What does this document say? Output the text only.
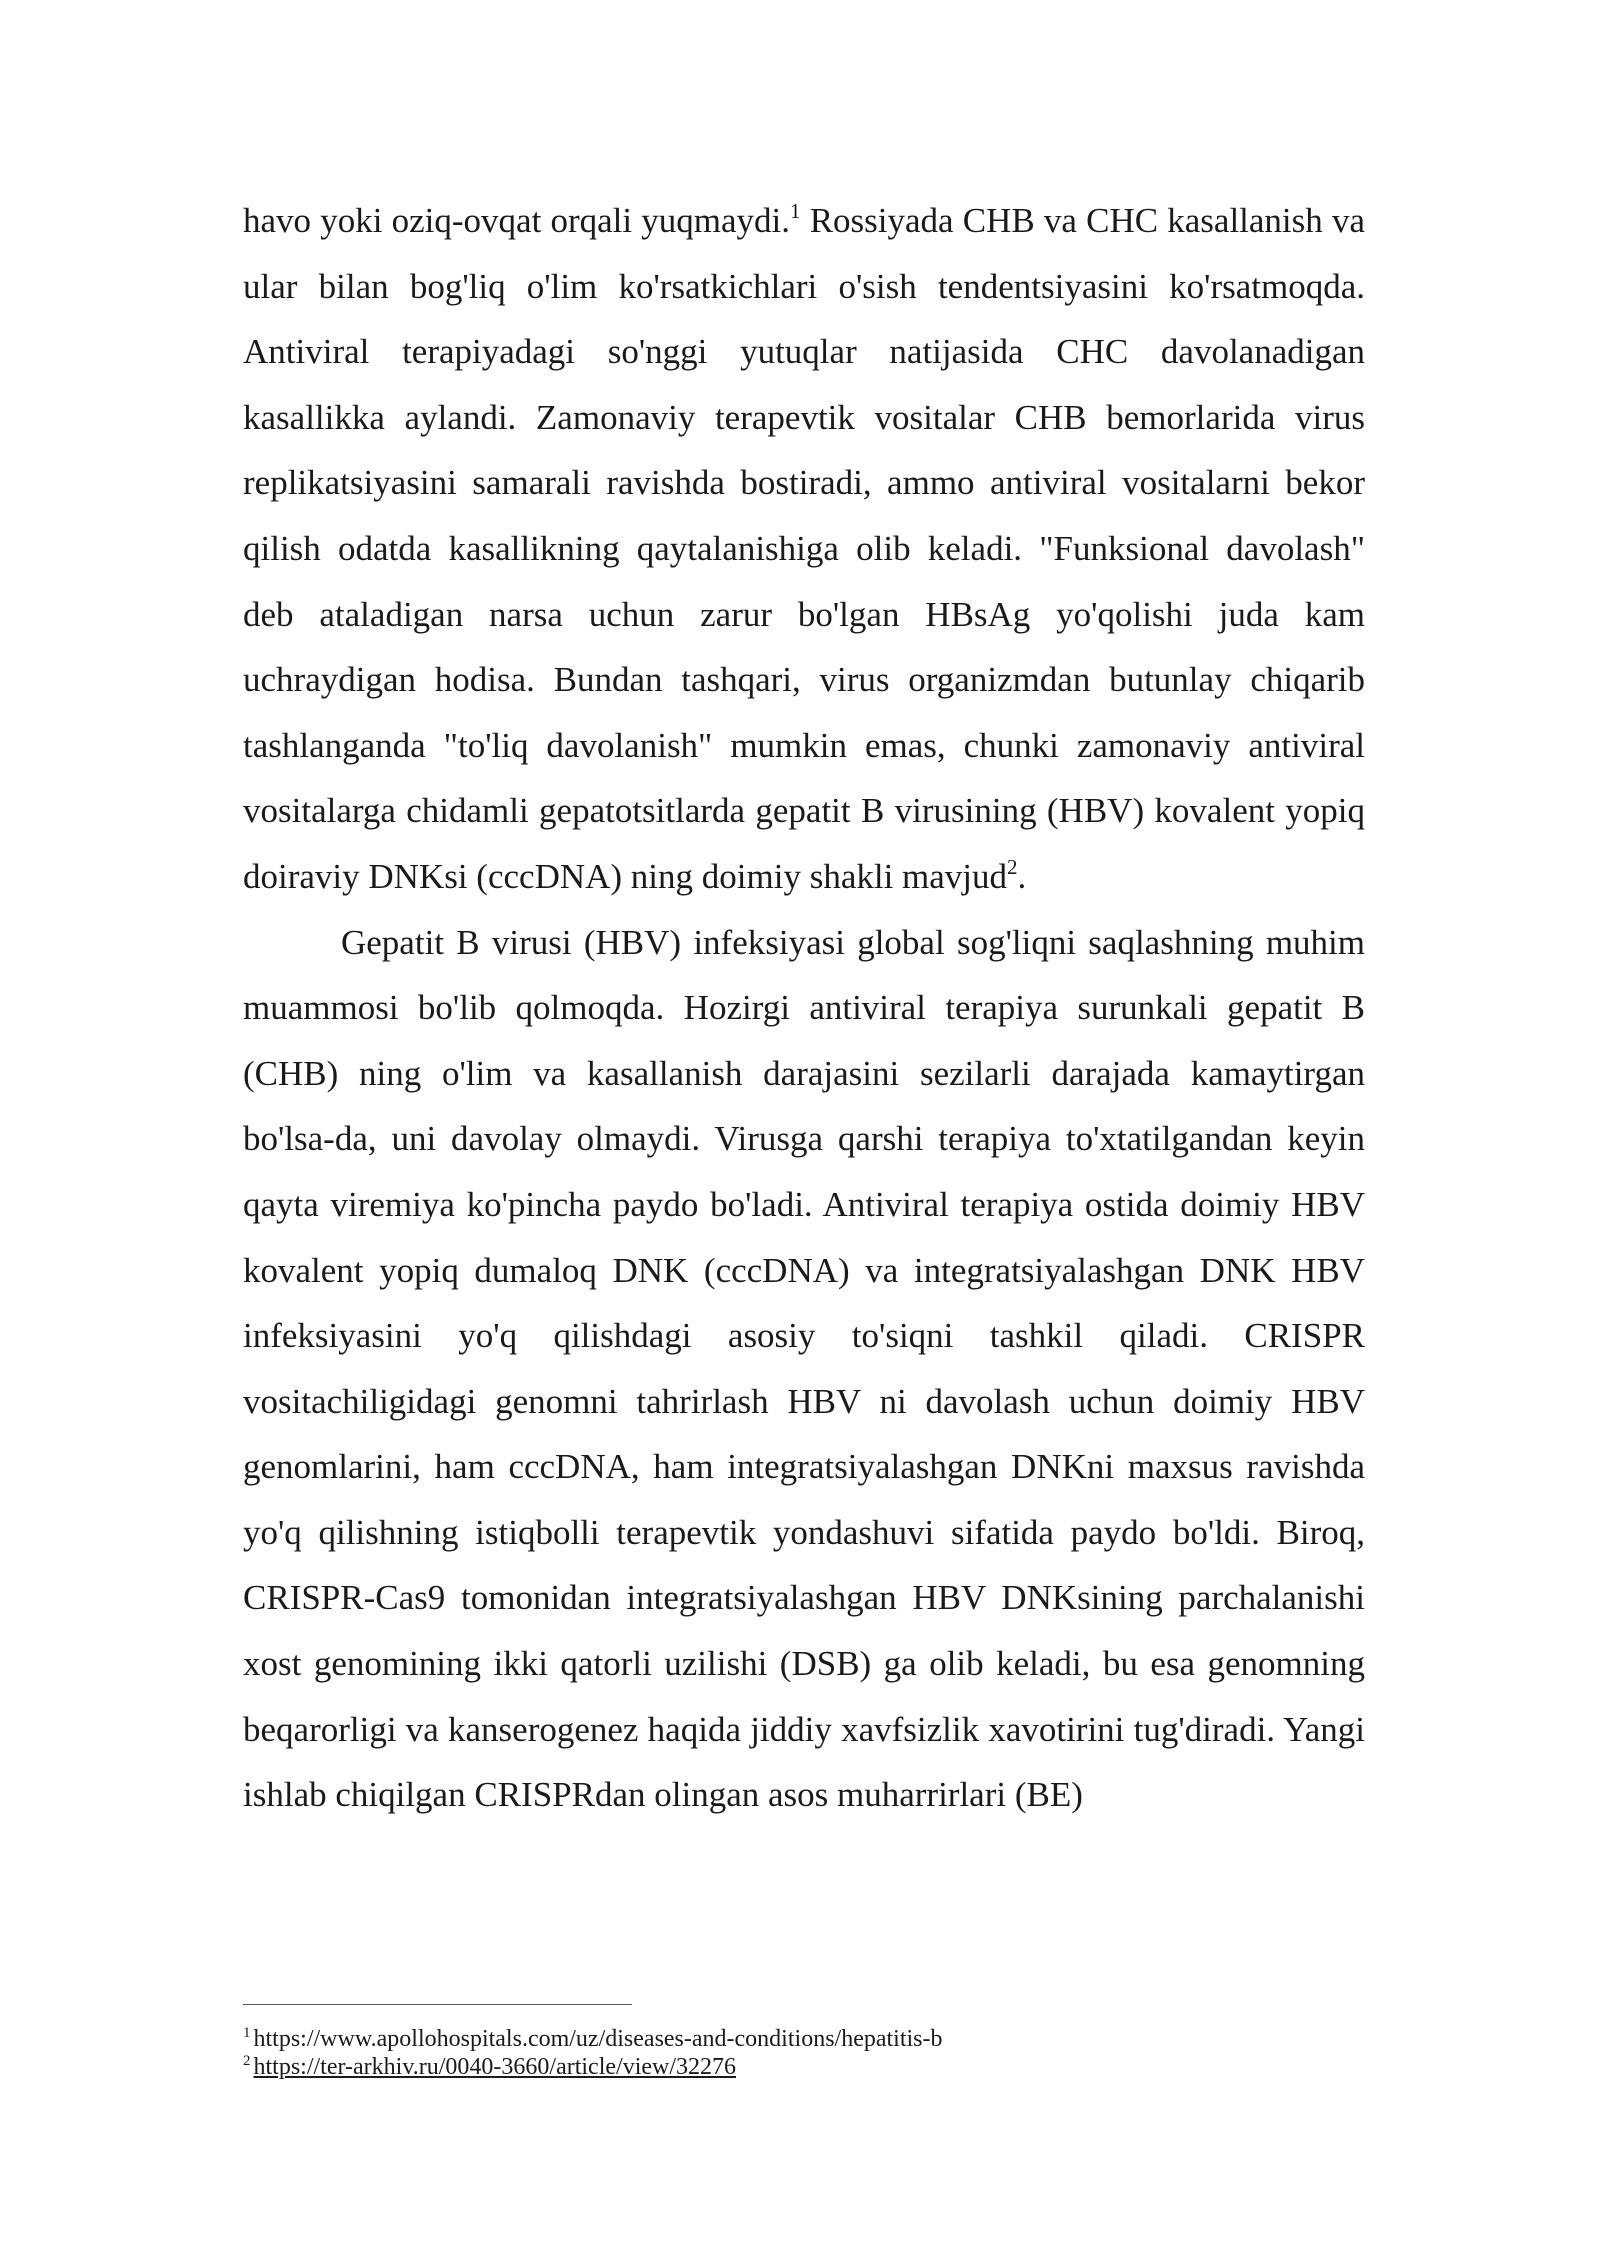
havo yoki oziq-ovqat orqali yuqmaydi.$^1$ Rossiyada CHB va CHC kasallanish va ular bilan bog'liq o'lim ko'rsatkichlari o'sish tendentsiyasini ko'rsatmoqda. Antiviral terapiyadagi so'nggi yutuqlar natijasida CHC davolanadigan kasallikka aylandi. Zamonaviy terapevtik vositalar CHB bemorlarida virus replikatsiyasini samarali ravishda bostiradi, ammo antiviral vositalarni bekor qilish odatda kasallikning qaytalanishiga olib keladi. "Funksional davolash" deb ataladigan narsa uchun zarur bo'lgan HBsAg yo'qolishi juda kam uchraydigan hodisa. Bundan tashqari, virus organizmdan butunlay chiqarib tashlanganda "to'liq davolanish" mumkin emas, chunki zamonaviy antiviral vositalarga chidamli gepatotsitlarda gepatit B virusining (HBV) kovalent yopiq doiraviy DNKsi (cccDNA) ning doimiy shakli mavjud$^2$.

Gepatit B virusi (HBV) infeksiyasi global sog'liqni saqlashning muhim muammosi bo'lib qolmoqda. Hozirgi antiviral terapiya surunkali gepatit B (CHB) ning o'lim va kasallanish darajasini sezilarli darajada kamaytirgan bo'lsa-da, uni davolay olmaydi. Virusga qarshi terapiya to'xtatilgandan keyin qayta viremiya ko'pincha paydo bo'ladi. Antiviral terapiya ostida doimiy HBV kovalent yopiq dumaloq DNK (cccDNA) va integratsiyalashgan DNK HBV infeksiyasini yo'q qilishdagi asosiy to'siqni tashkil qiladi. CRISPR vositachiligidagi genomni tahrirlash HBV ni davolash uchun doimiy HBV genomlarini, ham cccDNA, ham integratsiyalashgan DNKni maxsus ravishda yo'q qilishning istiqbolli terapevtik yondashuvi sifatida paydo bo'ldi. Biroq, CRISPR-Cas9 tomonidan integratsiyalashgan HBV DNKsining parchalanishi xost genomining ikki qatorli uzilishi (DSB) ga olib keladi, bu esa genomning beqarorligi va kanserogenez haqida jiddiy xavfsizlik xavotirini tug'diradi. Yangi ishlab chiqilgan CRISPRdan olingan asos muharrirlari (BE)

$^1$ https://www.apollohospitals.com/uz/diseases-and-conditions/hepatitis-b
$^2$ https://ter-arkhiv.ru/0040-3660/article/view/32276
